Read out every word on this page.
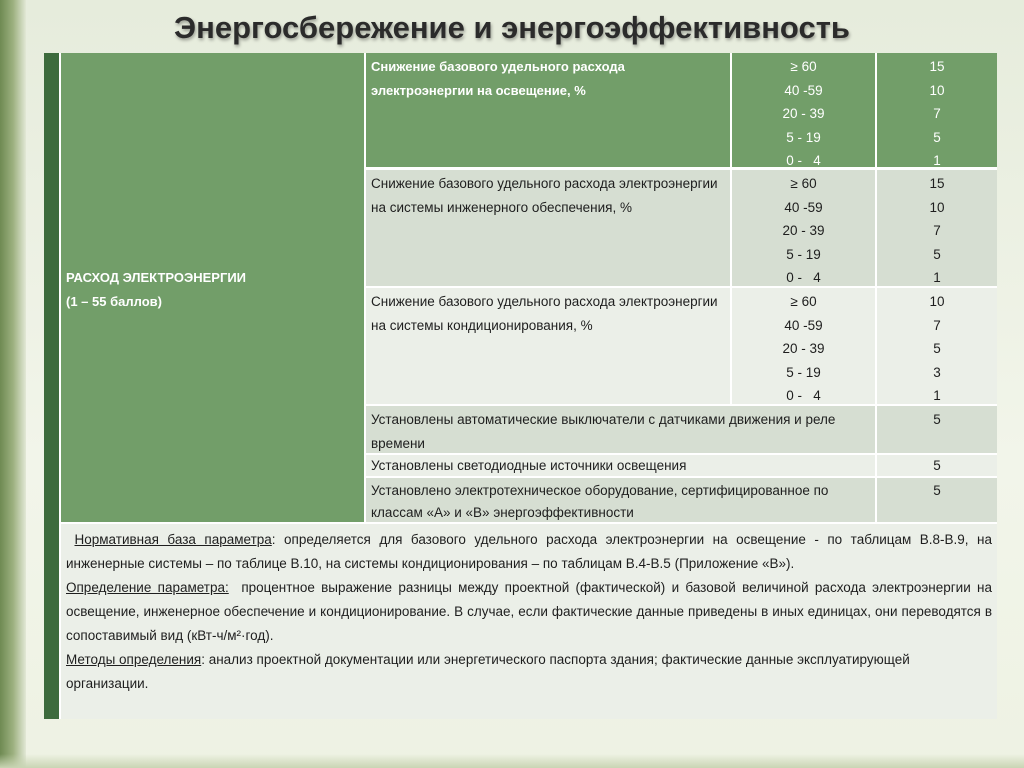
Энергосбережение и энергоэффективность
РАСХОД ЭЛЕКТРОЭНЕРГИИ
(1 – 55 баллов)
Снижение базового удельного расхода электроэнергии на освещение, %
≥ 60
40 -59
20 - 39
5 - 19
0 -   4
15
10
7
5
1
Снижение базового удельного расхода электроэнергии на системы инженерного обеспечения, %
≥ 60
40 -59
20 - 39
5 - 19
0 -   4
15
10
7
5
1
Снижение базового удельного расхода электроэнергии на системы кондиционирования, %
≥ 60
40 -59
20 - 39
5 - 19
0 -   4
10
7
5
3
1
Установлены автоматические выключатели с датчиками движения и реле времени
5
Установлены светодиодные источники освещения	5
Установлено электротехническое оборудование, сертифицированное по классам «А» и «В» энергоэффективности
5

Нормативная база параметра: определяется для базового удельного расхода электроэнергии на освещение - по таблицам В.8-В.9, на инженерные системы – по таблице В.10, на системы кондиционирования – по таблицам В.4-В.5 (Приложение «В»).

Определение параметра:  процентное выражение разницы между проектной (фактической) и базовой величиной расхода электроэнергии на освещение, инженерное обеспечение и кондиционирование. В случае, если фактические данные приведены в иных единицах, они переводятся в сопоставимый вид (кВт-ч/м²·год).

Методы определения: анализ проектной документации или энергетического паспорта здания; фактические данные эксплуатирующей организации.
